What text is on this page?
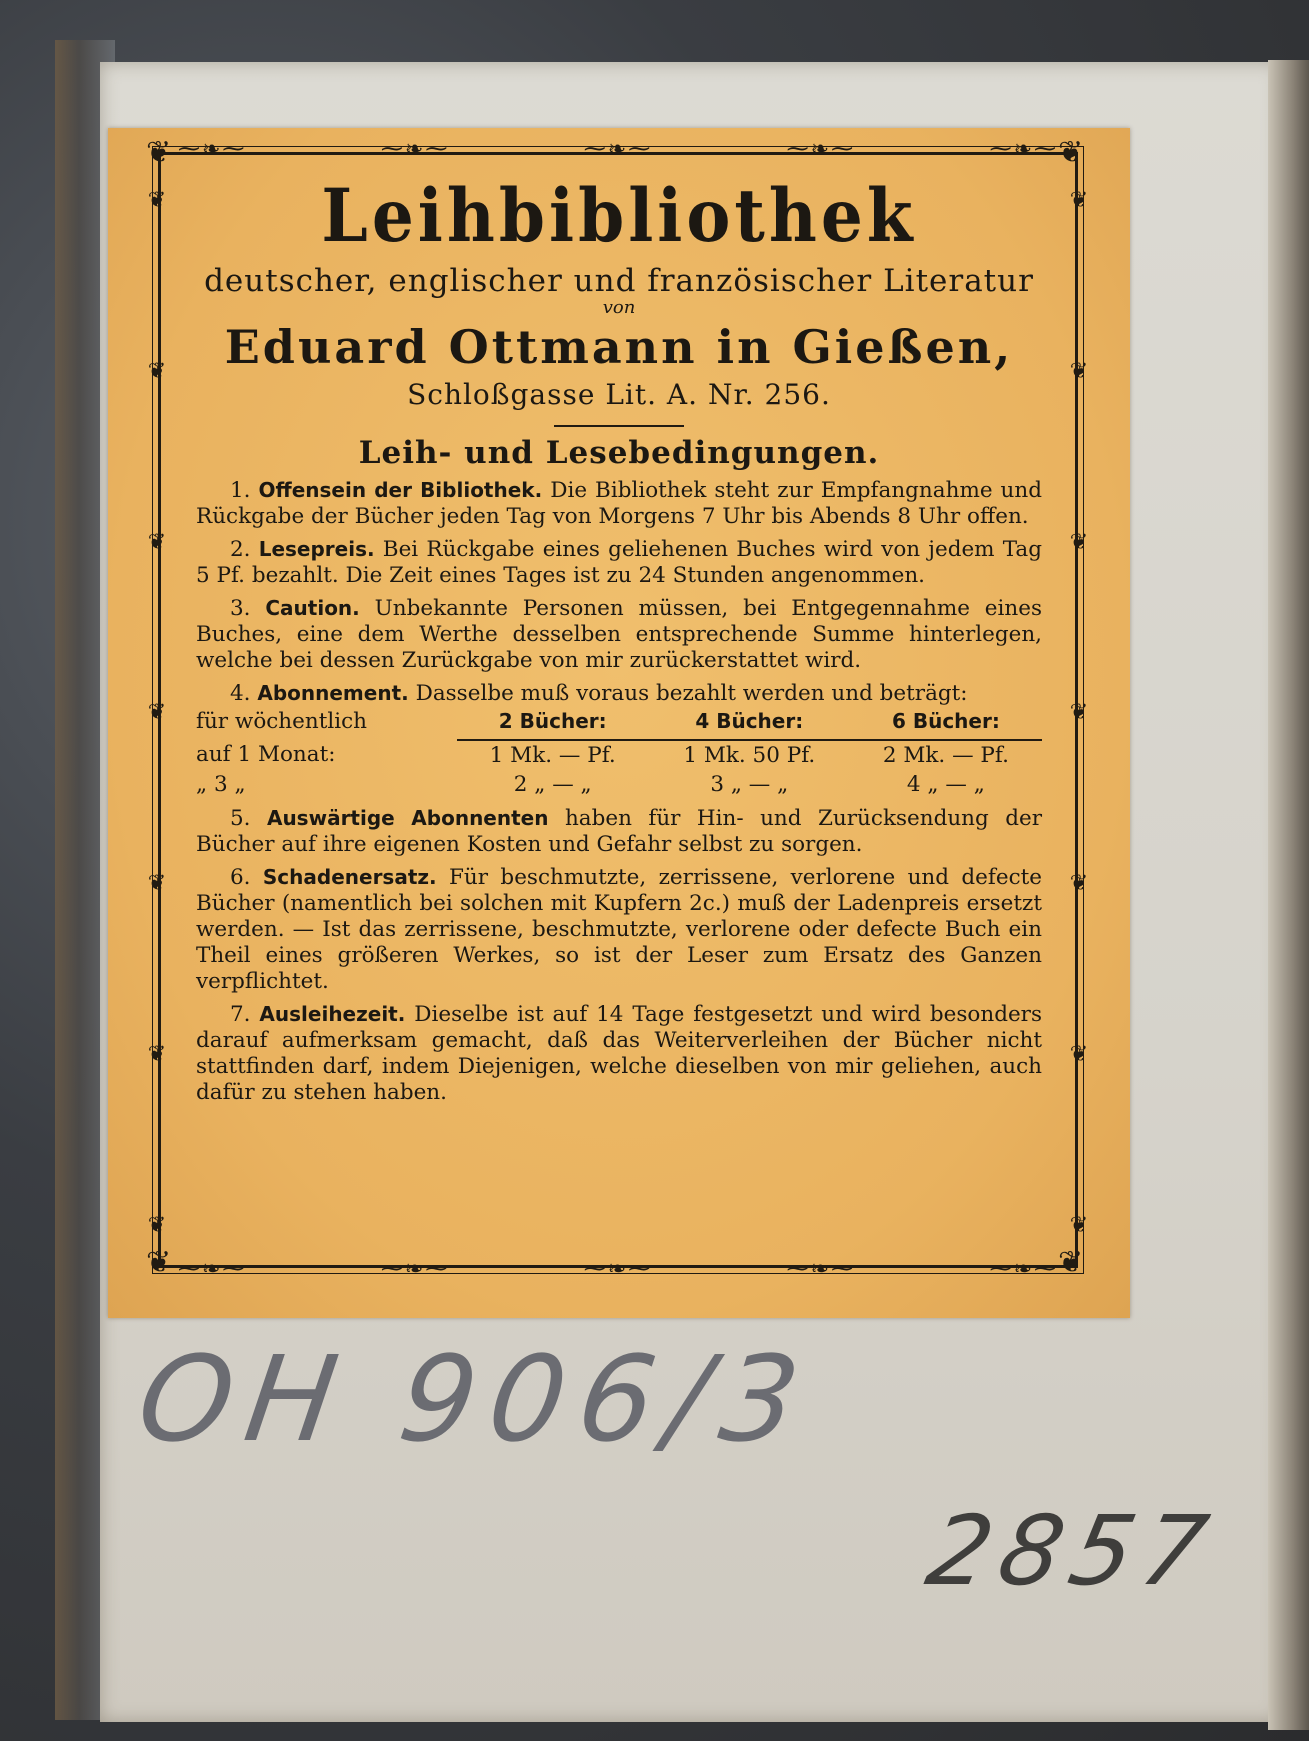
❦	❦
❦	❦
⁓❧⁓	⁓❧⁓	⁓❧⁓	⁓❧⁓	⁓❧⁓
⁓❧⁓	⁓❧⁓	⁓❧⁓	⁓❧⁓	⁓❧⁓
❦
❦
❦
❦
❦
❦
❦
❦
❦
❦
❦
❦
❦
❦
Leihbibliothek
deutscher, englischer und französischer Literatur
von
Eduard Ottmann in Gießen,
Schloßgasse Lit. A. Nr. 256.
Leih- und Lesebedingungen.

1. Offensein der Bibliothek. Die Bibliothek steht zur Empfangnahme und Rückgabe der Bücher jeden Tag von Morgens 7 Uhr bis Abends 8 Uhr offen.

2. Lesepreis. Bei Rückgabe eines geliehenen Buches wird von jedem Tag 5 Pf. bezahlt. Die Zeit eines Tages ist zu 24 Stunden angenommen.

3. Caution. Unbekannte Personen müssen, bei Entgegennahme eines Buches, eine dem Werthe desselben entsprechende Summe hinterlegen, welche bei dessen Zurückgabe von mir zurückerstattet wird.

4. Abonnement. Dasselbe muß voraus bezahlt werden und beträgt:

für wöchentlich	2 Bücher:	4 Bücher:	6 Bücher:
auf 1 Monat:	1 Mk. — Pf.	1 Mk. 50 Pf.	2 Mk. — Pf.
„ 3 „	2 „ — „	3 „ — „	4 „ — „

5. Auswärtige Abonnenten haben für Hin- und Zurücksendung der Bücher auf ihre eigenen Kosten und Gefahr selbst zu sorgen.

6. Schadenersatz. Für beschmutzte, zerrissene, verlorene und defecte Bücher (namentlich bei solchen mit Kupfern 2c.) muß der Ladenpreis ersetzt werden. — Ist das zerrissene, beschmutzte, verlorene oder defecte Buch ein Theil eines größeren Werkes, so ist der Leser zum Ersatz des Ganzen verpflichtet.

7. Ausleihezeit. Dieselbe ist auf 14 Tage festgesetzt und wird besonders darauf aufmerksam gemacht, daß das Weiterverleihen der Bücher nicht stattfinden darf, indem Diejenigen, welche dieselben von mir geliehen, auch dafür zu stehen haben.

OH 906/3
2857
